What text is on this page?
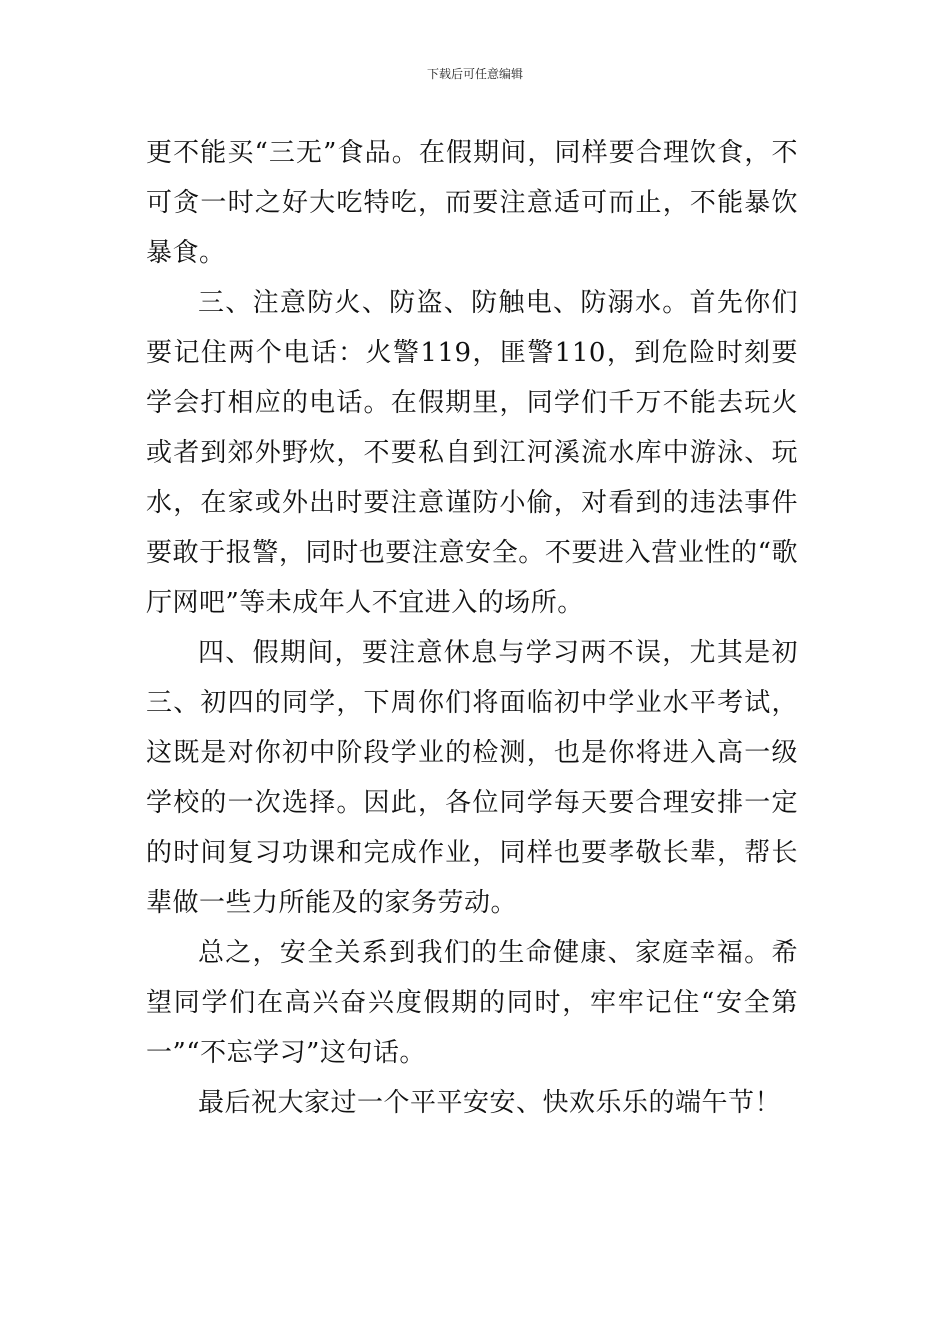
下载后可任意编辑

更不能买“三无”食品。在假期间，同样要合理饮食，不可贪一时之好大吃特吃，而要注意适可而止，不能暴饮暴食。

三、注意防火、防盗、防触电、防溺水。首先你们要记住两个电话：火警119，匪警110，到危险时刻要学会打相应的电话。在假期里，同学们千万不能去玩火或者到郊外野炊，不要私自到江河溪流水库中游泳、玩水，在家或外出时要注意谨防小偷，对看到的违法事件要敢于报警，同时也要注意安全。不要进入营业性的“歌厅网吧”等未成年人不宜进入的场所。

四、假期间，要注意休息与学习两不误，尤其是初三、初四的同学，下周你们将面临初中学业水平考试，这既是对你初中阶段学业的检测，也是你将进入高一级学校的一次选择。因此，各位同学每天要合理安排一定的时间复习功课和完成作业，同样也要孝敬长辈，帮长辈做一些力所能及的家务劳动。

总之，安全关系到我们的生命健康、家庭幸福。希望同学们在高兴奋兴度假期的同时，牢牢记住“安全第一”“不忘学习”这句话。

最后祝大家过一个平平安安、快欢乐乐的端午节！
